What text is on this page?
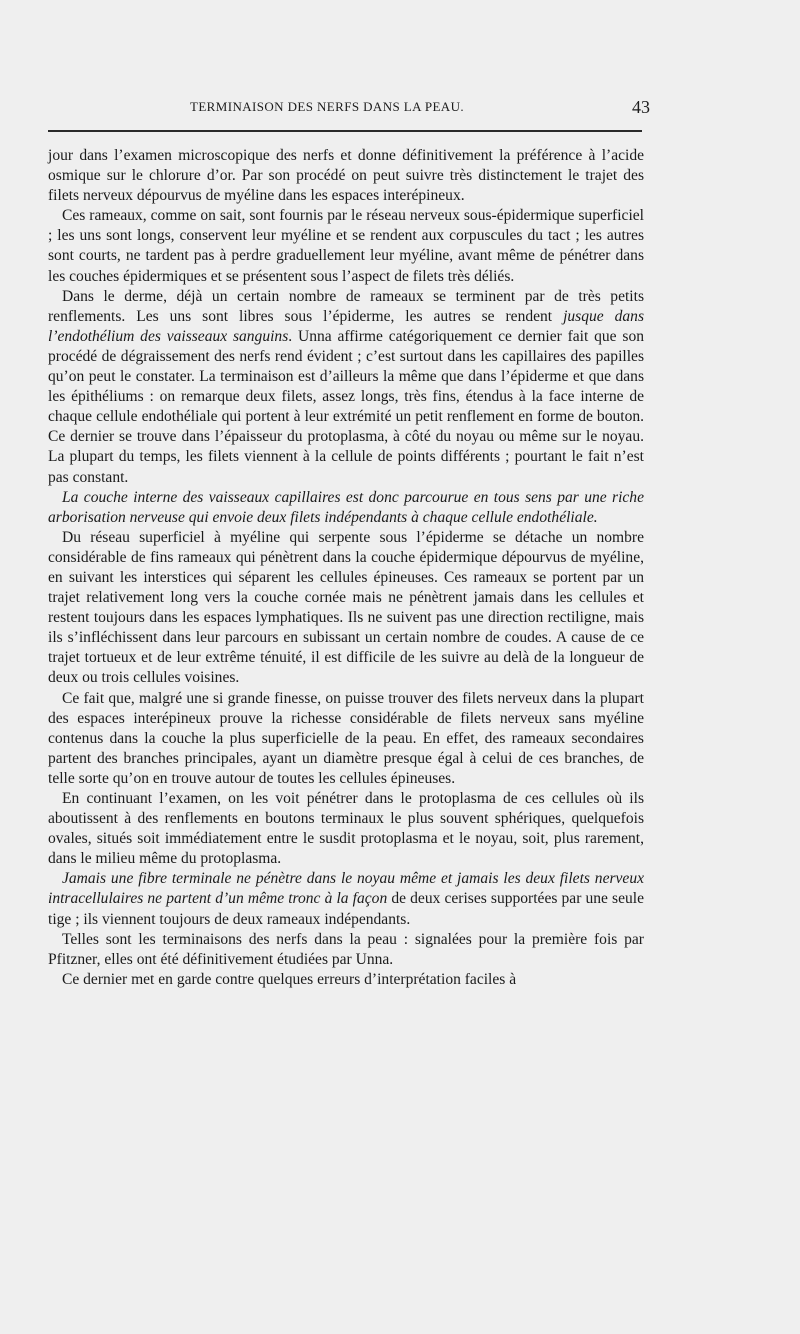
TERMINAISON DES NERFS DANS LA PEAU.	43

jour dans l’examen microscopique des nerfs et donne définitivement la préférence à l’acide osmique sur le chlorure d’or. Par son procédé on peut suivre très distinctement le trajet des filets nerveux dépourvus de myéline dans les espaces interépineux.

Ces rameaux, comme on sait, sont fournis par le réseau nerveux sous-épidermique superficiel ; les uns sont longs, conservent leur myéline et se rendent aux corpuscules du tact ; les autres sont courts, ne tardent pas à perdre graduellement leur myéline, avant même de pénétrer dans les couches épidermiques et se présentent sous l’aspect de filets très déliés.

Dans le derme, déjà un certain nombre de rameaux se terminent par de très petits renflements. Les uns sont libres sous l’épiderme, les autres se rendent jusque dans l’endothélium des vaisseaux sanguins. Unna affirme catégoriquement ce dernier fait que son procédé de dégraissement des nerfs rend évident ; c’est surtout dans les capillaires des papilles qu’on peut le constater. La terminaison est d’ailleurs la même que dans l’épiderme et que dans les épithéliums : on remarque deux filets, assez longs, très fins, étendus à la face interne de chaque cellule endothéliale qui portent à leur extrémité un petit renflement en forme de bouton. Ce dernier se trouve dans l’épaisseur du protoplasma, à côté du noyau ou même sur le noyau. La plupart du temps, les filets viennent à la cellule de points différents ; pourtant le fait n’est pas constant.

La couche interne des vaisseaux capillaires est donc parcourue en tous sens par une riche arborisation nerveuse qui envoie deux filets indépendants à chaque cellule endothéliale.

Du réseau superficiel à myéline qui serpente sous l’épiderme se détache un nombre considérable de fins rameaux qui pénètrent dans la couche épidermique dépourvus de myéline, en suivant les interstices qui séparent les cellules épineuses. Ces rameaux se portent par un trajet relativement long vers la couche cornée mais ne pénètrent jamais dans les cellules et restent toujours dans les espaces lymphatiques. Ils ne suivent pas une direction rectiligne, mais ils s’infléchissent dans leur parcours en subissant un certain nombre de coudes. A cause de ce trajet tortueux et de leur extrême ténuité, il est difficile de les suivre au delà de la longueur de deux ou trois cellules voisines.

Ce fait que, malgré une si grande finesse, on puisse trouver des filets nerveux dans la plupart des espaces interépineux prouve la richesse considérable de filets nerveux sans myéline contenus dans la couche la plus superficielle de la peau. En effet, des rameaux secondaires partent des branches principales, ayant un diamètre presque égal à celui de ces branches, de telle sorte qu’on en trouve autour de toutes les cellules épineuses.

En continuant l’examen, on les voit pénétrer dans le protoplasma de ces cellules où ils aboutissent à des renflements en boutons terminaux le plus souvent sphériques, quelquefois ovales, situés soit immédiatement entre le susdit protoplasma et le noyau, soit, plus rarement, dans le milieu même du protoplasma.

Jamais une fibre terminale ne pénètre dans le noyau même et jamais les deux filets nerveux intracellulaires ne partent d’un même tronc à la façon de deux cerises supportées par une seule tige ; ils viennent toujours de deux rameaux indépendants.

Telles sont les terminaisons des nerfs dans la peau : signalées pour la première fois par Pfitzner, elles ont été définitivement étudiées par Unna.

Ce dernier met en garde contre quelques erreurs d’interprétation faciles à
